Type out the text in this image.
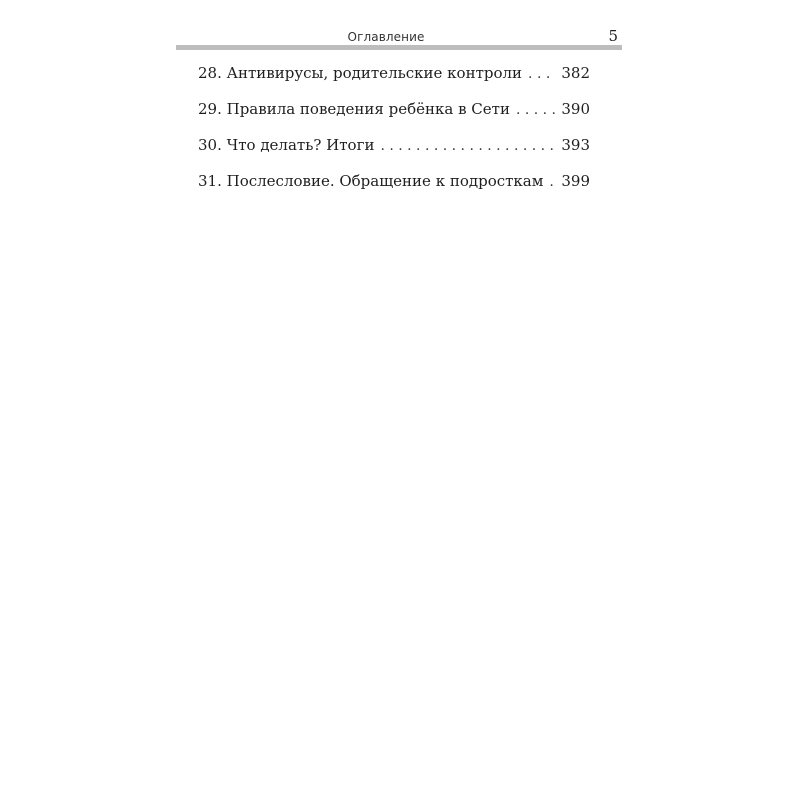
Оглавление	5
28. Антивирусы, родительские контроли . . .	382
29. Правила поведения ребёнка в Сети . . .	390
30. Что делать? Итоги . . .	393
31. Послесловие. Обращение к подросткам . . . 399
